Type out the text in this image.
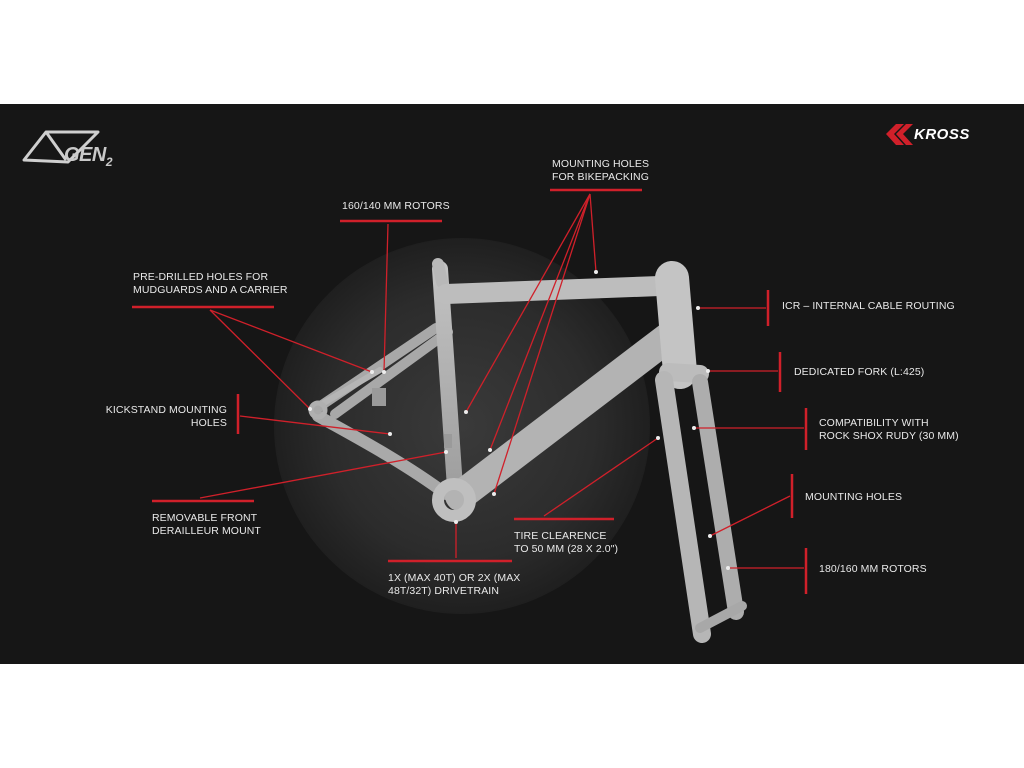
$GEN_2$
KROSS
MOUNTING HOLES
FOR BIKEPACKING
160/140 MM ROTORS
PRE-DRILLED HOLES FOR
MUDGUARDS AND A CARRIER
KICKSTAND MOUNTING
HOLES
REMOVABLE FRONT
DERAILLEUR MOUNT
1X (MAX 40T) OR 2X (MAX
48T/32T) DRIVETRAIN
TIRE CLEARENCE
TO 50 MM (28 X 2.0")
ICR – INTERNAL CABLE ROUTING
DEDICATED FORK (L:425)
COMPATIBILITY WITH
ROCK SHOX RUDY (30 MM)
MOUNTING HOLES
180/160 MM ROTORS
